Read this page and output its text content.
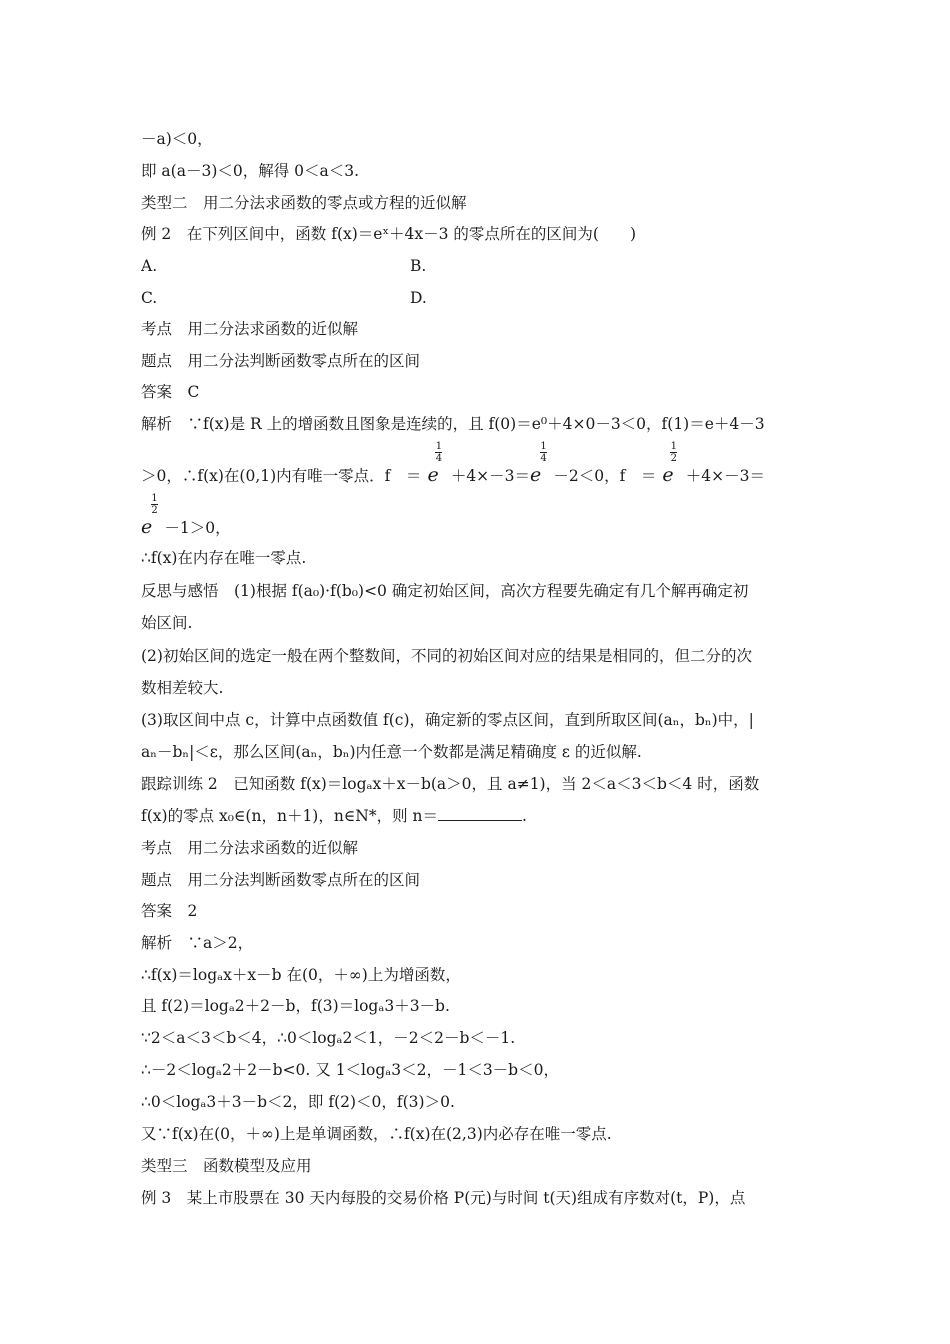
－a)＜0，
即 a(a－3)＜0，解得 0＜a＜3.
类型二　用二分法求函数的零点或方程的近似解
例 2　在下列区间中，函数 f(x)＝eˣ＋4x－3 的零点所在的区间为(　　)
A.	B.
C.	D.
考点　用二分法求函数的近似解
题点　用二分法判断函数零点所在的区间
答案　C
解析　∵f(x)是 R 上的增函数且图象是连续的，且 f(0)＝e⁰＋4×0－3＜0，f(1)＝e＋4－3
＞0，∴f(x)在(0,1)内有唯一零点．f　＝ e
1
4
＋4×－3＝e
1
4
－2＜0，f　＝ e
1
2
＋4×－3＝
e
1
2
－1＞0，
∴f(x)在内存在唯一零点.
反思与感悟　(1)根据 f(a₀)·f(b₀)<0 确定初始区间，高次方程要先确定有几个解再确定初
始区间.
(2)初始区间的选定一般在两个整数间，不同的初始区间对应的结果是相同的，但二分的次
数相差较大.
(3)取区间中点 c，计算中点函数值 f(c)，确定新的零点区间，直到所取区间(aₙ，bₙ)中，|
aₙ－bₙ|＜ε，那么区间(aₙ，bₙ)内任意一个数都是满足精确度 ε 的近似解.
跟踪训练 2　已知函数 f(x)＝logₐx＋x－b(a＞0，且 a≠1)，当 2＜a＜3＜b＜4 时，函数
f(x)的零点 x₀∈(n，n＋1)，n∈N*，则 n＝	.
考点　用二分法求函数的近似解
题点　用二分法判断函数零点所在的区间
答案　2
解析　∵a＞2，
∴f(x)＝logₐx＋x－b 在(0，＋∞)上为增函数，
且 f(2)＝logₐ2＋2－b，f(3)＝logₐ3＋3－b.
∵2＜a＜3＜b＜4，∴0＜logₐ2＜1，－2＜2－b＜－1.
∴－2＜logₐ2＋2－b<0. 又 1＜logₐ3＜2，－1＜3－b＜0，
∴0＜logₐ3＋3－b＜2，即 f(2)＜0，f(3)＞0.
又∵f(x)在(0，＋∞)上是单调函数，∴f(x)在(2,3)内必存在唯一零点.
类型三　函数模型及应用
例 3　某上市股票在 30 天内每股的交易价格 P(元)与时间 t(天)组成有序数对(t，P)，点
